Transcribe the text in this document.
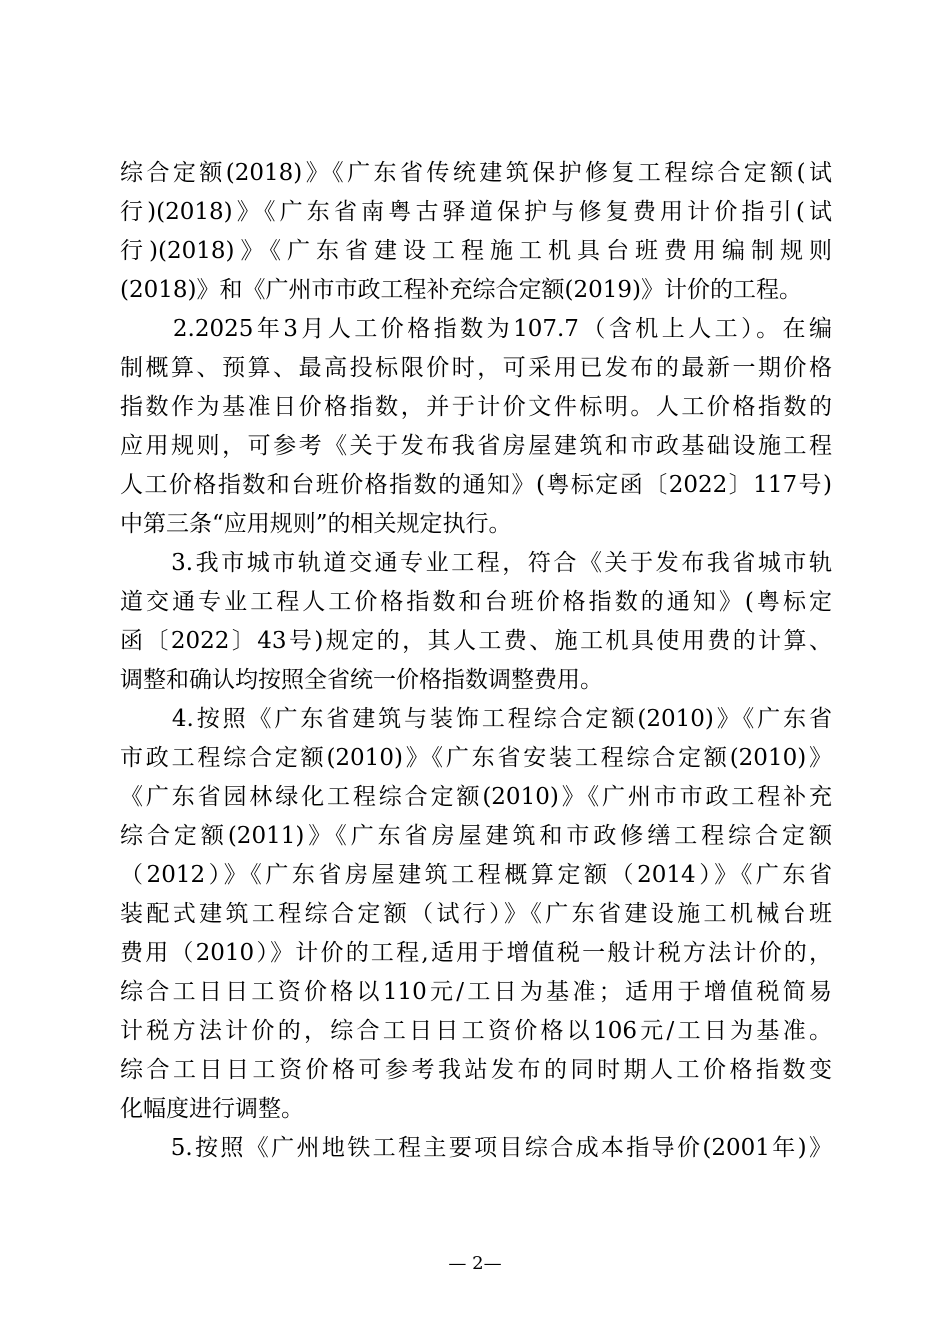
综合定额(2018)》《广东省传统建筑保护修复工程综合定额(试
行)(2018)》《广东省南粤古驿道保护与修复费用计价指引(试
行)(2018)》《广东省建设工程施工机具台班费用编制规则
(2018)》和《广州市市政工程补充综合定额(2019)》计价的工程。
　　2.2025年3月人工价格指数为107.7（含机上人工）。在编
制概算、预算、最高投标限价时，可采用已发布的最新一期价格
指数作为基准日价格指数，并于计价文件标明。人工价格指数的
应用规则，可参考《关于发布我省房屋建筑和市政基础设施工程
人工价格指数和台班价格指数的通知》(粤标定函〔2022〕117号)
中第三条“应用规则”的相关规定执行。
　　3.我市城市轨道交通专业工程，符合《关于发布我省城市轨
道交通专业工程人工价格指数和台班价格指数的通知》(粤标定
函〔2022〕43号)规定的，其人工费、施工机具使用费的计算、
调整和确认均按照全省统一价格指数调整费用。
　　4.按照《广东省建筑与装饰工程综合定额(2010)》《广东省
市政工程综合定额(2010)》《广东省安装工程综合定额(2010)》
《广东省园林绿化工程综合定额(2010)》《广州市市政工程补充
综合定额(2011)》《广东省房屋建筑和市政修缮工程综合定额
（2012）》《广东省房屋建筑工程概算定额（2014）》《广东省
装配式建筑工程综合定额（试行）》《广东省建设施工机械台班
费用（2010）》计价的工程,适用于增值税一般计税方法计价的，
综合工日日工资价格以110元/工日为基准；适用于增值税简易
计税方法计价的，综合工日日工资价格以106元/工日为基准。
综合工日日工资价格可参考我站发布的同时期人工价格指数变
化幅度进行调整。
　　5.按照《广州地铁工程主要项目综合成本指导价(2001年)》
— 2—
